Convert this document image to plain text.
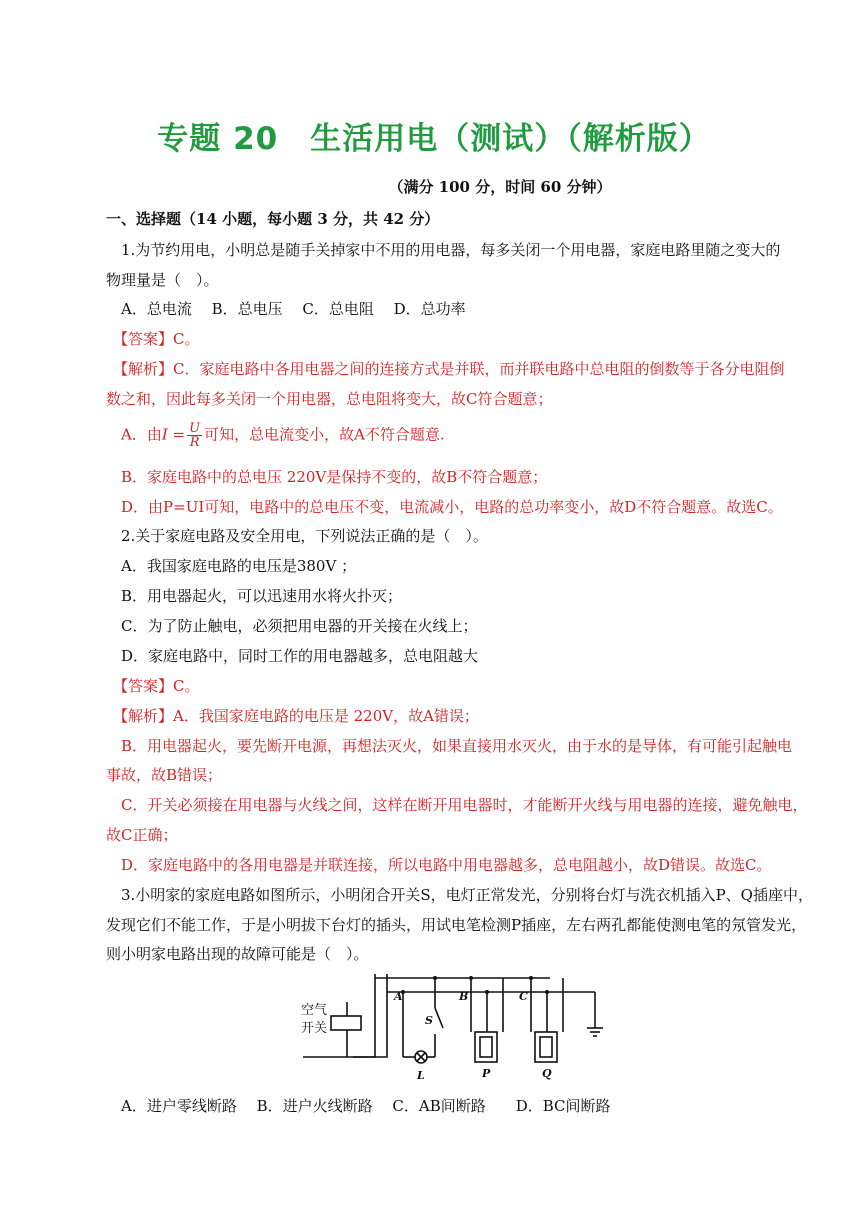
专题 20　生活用电（测试）（解析版）
（满分 100 分，时间 60 分钟）
一、选择题（14 小题，每小题 3 分，共 42 分）
1.为节约用电，小明总是随手关掉家中不用的用电器，每多关闭一个用电器，家庭电路里随之变大的
物理量是（　）。
A．总电流　 B．总电压　 C．总电阻　 D．总功率
【答案】C。
【解析】C．家庭电路中各用电器之间的连接方式是并联，而并联电路中总电阻的倒数等于各分电阻倒
数之和，因此每多关闭一个用电器，总电阻将变大，故C符合题意；
A．由$I = \frac{U}{R}$ 可知，总电流变小，故A不符合题意.
B．家庭电路中的总电压 220V是保持不变的，故B不符合题意；
D．由P=UI可知，电路中的总电压不变，电流减小，电路的总功率变小，故D不符合题意。故选C。
2.关于家庭电路及安全用电，下列说法正确的是（　）。
A．我国家庭电路的电压是380V ；
B．用电器起火，可以迅速用水将火扑灭；
C．为了防止触电，必须把用电器的开关接在火线上；
D．家庭电路中，同时工作的用电器越多，总电阻越大
【答案】C。
【解析】A．我国家庭电路的电压是 220V，故A错误；
B．用电器起火，要先断开电源，再想法灭火，如果直接用水灭火，由于水的是导体，有可能引起触电
事故，故B错误；
C．开关必须接在用电器与火线之间，这样在断开用电器时，才能断开火线与用电器的连接，避免触电，
故C正确；
D．家庭电路中的各用电器是并联连接，所以电路中用电器越多，总电阻越小，故D错误。故选C。
3.小明家的家庭电路如图所示，小明闭合开关S，电灯正常发光，分别将台灯与洗衣机插入P、Q插座中，
发现它们不能工作，于是小明拔下台灯的插头，用试电笔检测P插座，左右两孔都能使测电笔的氖管发光，
则小明家电路出现的故障可能是（　）。
空气
开关
A	B	C
S
L	P	Q
A．进户零线断路　 B．进户火线断路　 C．AB间断路　　D．BC间断路
